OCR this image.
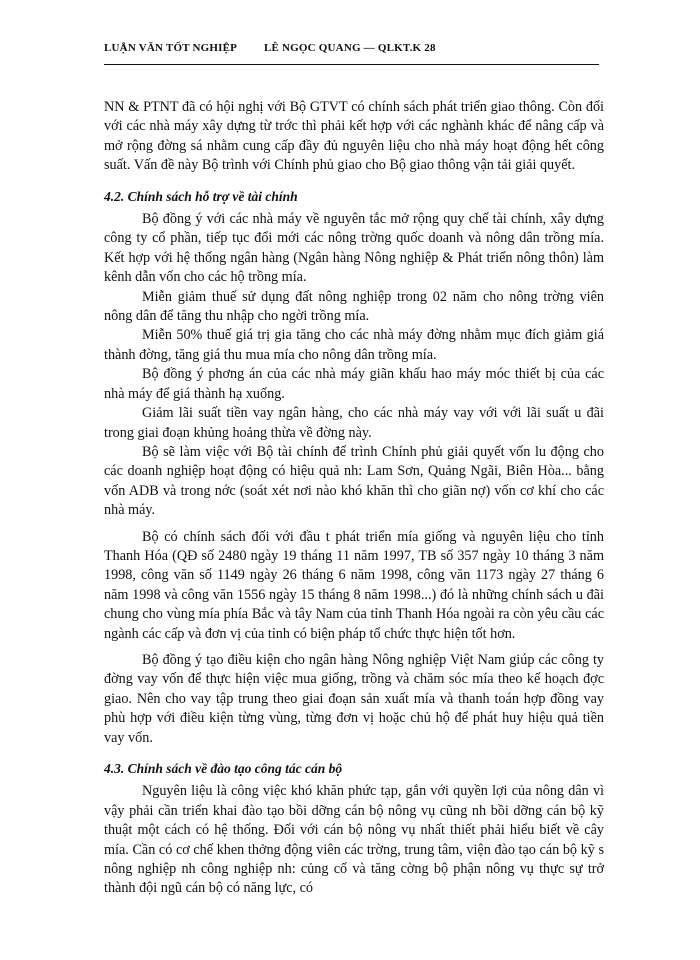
LUẬN VĂN TỐT NGHIỆP LÊ NGỌC QUANG — QLKT.K 28

NN & PTNT đã có hội nghị với Bộ GTVT có chính sách phát triển giao thông. Còn đối với các nhà máy xây dựng từ trớc thì phải kết hợp với các nghành khác để nâng cấp và mở rộng đờng sá nhằm cung cấp đầy đủ nguyên liệu cho nhà máy hoạt động hết công suất. Vấn đề này Bộ trình với Chính phủ giao cho Bộ giao thông vận tải giải quyết.

4.2. Chính sách hỗ trợ về tài chính

Bộ đồng ý với các nhà máy về nguyên tắc mở rộng quy chế tài chính, xây dựng công ty cổ phần, tiếp tục đổi mới các nông trờng quốc doanh và nông dân trồng mía. Kết hợp với hệ thống ngân hàng (Ngân hàng Nông nghiệp & Phát triển nông thôn) làm kênh dẫn vốn cho các hộ trồng mía.

Miễn giảm thuế sử dụng đất nông nghiệp trong 02 năm cho nông trờng viên nông dân để tăng thu nhập cho ngời trồng mía.

Miễn 50% thuế giá trị gia tăng cho các nhà máy đờng nhằm mục đích giảm giá thành đờng, tăng giá thu mua mía cho nông dân trồng mía.

Bộ đồng ý phơng án của các nhà máy giãn khấu hao máy móc thiết bị của các nhà máy để giá thành hạ xuống.

Giảm lãi suất tiền vay ngân hàng, cho các nhà máy vay với với lãi suất u đãi trong giai đoạn khủng hoảng thừa về đờng này.

Bộ sẽ làm việc với Bộ tài chính để trình Chính phủ giải quyết vốn lu động cho các doanh nghiệp hoạt động có hiệu quả nh: Lam Sơn, Quảng Ngãi, Biên Hòa... bằng vốn ADB và trong nớc (soát xét nơi nào khó khăn thì cho giãn nợ) vốn cơ khí cho các nhà máy.

Bộ có chính sách đối với đầu t phát triển mía giống và nguyên liệu cho tỉnh Thanh Hóa (QĐ số 2480 ngày 19 tháng 11 năm 1997, TB số 357 ngày 10 tháng 3 năm 1998, công văn số 1149 ngày 26 tháng 6 năm 1998, công văn 1173 ngày 27 tháng 6 năm 1998 và công văn 1556 ngày 15 tháng 8 năm 1998...) đó là những chính sách u đãi chung cho vùng mía phía Bắc và tây Nam của tỉnh Thanh Hóa ngoài ra còn yêu cầu các ngành các cấp và đơn vị của tỉnh có biện pháp tổ chức thực hiện tốt hơn.

Bộ đồng ý tạo điều kiện cho ngân hàng Nông nghiệp Việt Nam giúp các công ty đờng vay vốn để thực hiện việc mua giống, trồng và chăm sóc mía theo kế hoạch đợc giao. Nên cho vay tập trung theo giai đoạn sản xuất mía và thanh toán hợp đồng vay phù hợp với điều kiện từng vùng, từng đơn vị hoặc chủ hộ để phát huy hiệu quả tiền vay vốn.

4.3. Chính sách về đào tạo công tác cán bộ

Nguyên liệu là công việc khó khăn phức tạp, gắn với quyền lợi của nông dân vì vậy phải cần triển khai đào tạo bồi dỡng cán bộ nông vụ cũng nh bồi dỡng cán bộ kỹ thuật một cách có hệ thống. Đối với cán bộ nông vụ nhất thiết phải hiểu biết về cây mía. Cần có cơ chế khen thởng động viên các trờng, trung tâm, viện đào tạo cán bộ kỹ s nông nghiệp nh công nghiệp nh: củng cố và tăng cờng bộ phận nông vụ thực sự trở thành đội ngũ cán bộ có năng lực, có
